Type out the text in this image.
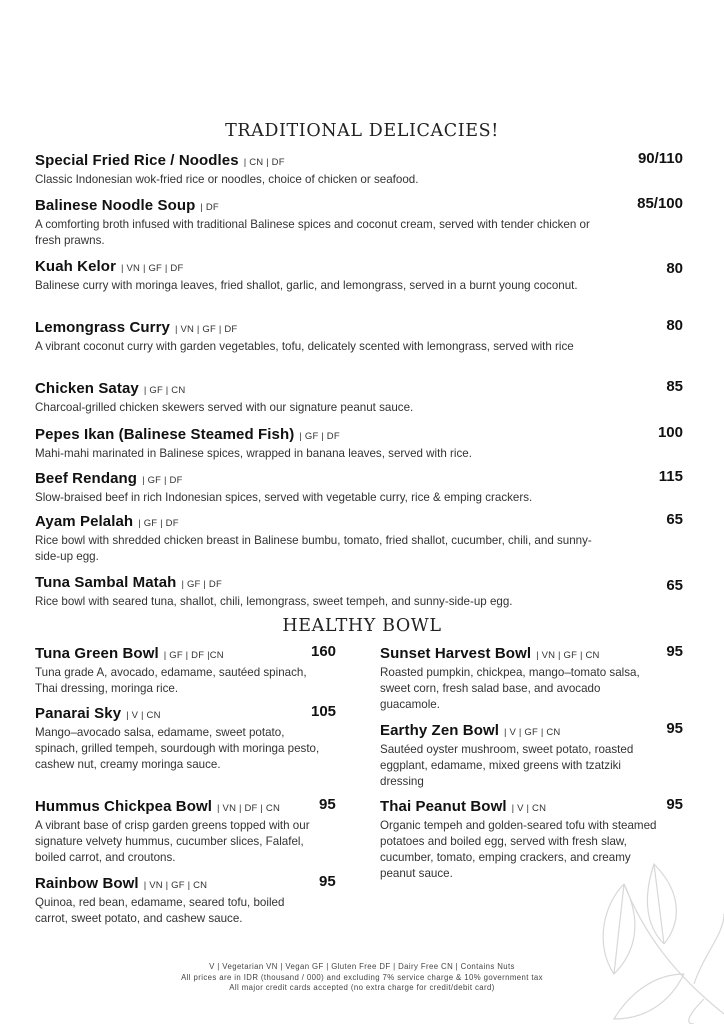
TRADITIONAL DELICACIES!
Special Fried Rice / Noodles | CN | DF
Classic Indonesian wok-fried rice or noodles, choice of chicken or seafood.
90/110
Balinese Noodle Soup | DF
A comforting broth infused with traditional Balinese spices and coconut cream, served with tender chicken or fresh prawns.
85/100
Kuah Kelor | VN | GF | DF
Balinese curry with moringa leaves, fried shallot, garlic, and lemongrass, served in a burnt young coconut.
80
Lemongrass Curry | VN | GF | DF
A vibrant coconut curry with garden vegetables, tofu, delicately scented with lemongrass, served with rice
80
Chicken Satay | GF | CN
Charcoal-grilled chicken skewers served with our signature peanut sauce.
85
Pepes Ikan (Balinese Steamed Fish) | GF | DF
Mahi-mahi marinated in Balinese spices, wrapped in banana leaves, served with rice.
100
Beef Rendang | GF | DF
Slow-braised beef in rich Indonesian spices, served with vegetable curry, rice & emping crackers.
115
Ayam Pelalah | GF | DF
Rice bowl with shredded chicken breast in Balinese bumbu, tomato, fried shallot, cucumber, chili, and sunny-side-up egg.
65
Tuna Sambal Matah | GF | DF
Rice bowl with seared tuna, shallot, chili, lemongrass, sweet tempeh, and sunny-side-up egg.
65
HEALTHY BOWL
Tuna Green Bowl | GF | DF |CN
Tuna grade A, avocado, edamame, sautéed spinach, Thai dressing, moringa rice.
160
Panarai Sky | V | CN
Mango–avocado salsa, edamame, sweet potato, spinach, grilled tempeh, sourdough with moringa pesto, cashew nut, creamy moringa sauce.
105
Hummus Chickpea Bowl | VN | DF | CN
A vibrant base of crisp garden greens topped with our signature velvety hummus, cucumber slices, Falafel, boiled carrot, and croutons.
95
Rainbow Bowl | VN | GF | CN
Quinoa, red bean, edamame, seared tofu, boiled carrot, sweet potato, and cashew sauce.
95
Sunset Harvest Bowl | VN | GF | CN
Roasted pumpkin, chickpea, mango–tomato salsa, sweet corn, fresh salad base, and avocado guacamole.
95
Earthy Zen Bowl | V | GF | CN
Sautéed oyster mushroom, sweet potato, roasted eggplant, edamame, mixed greens with tzatziki dressing
95
Thai Peanut Bowl | V | CN
Organic tempeh and golden-seared tofu with steamed potatoes and boiled egg, served with fresh slaw, cucumber, tomato, emping crackers, and creamy peanut sauce.
95
V | Vegetarian VN | Vegan GF | Gluten Free DF | Dairy Free CN | Contains Nuts
All prices are in IDR (thousand / 000) and excluding 7% service charge & 10% government tax
All major credit cards accepted (no extra charge for credit/debit card)
